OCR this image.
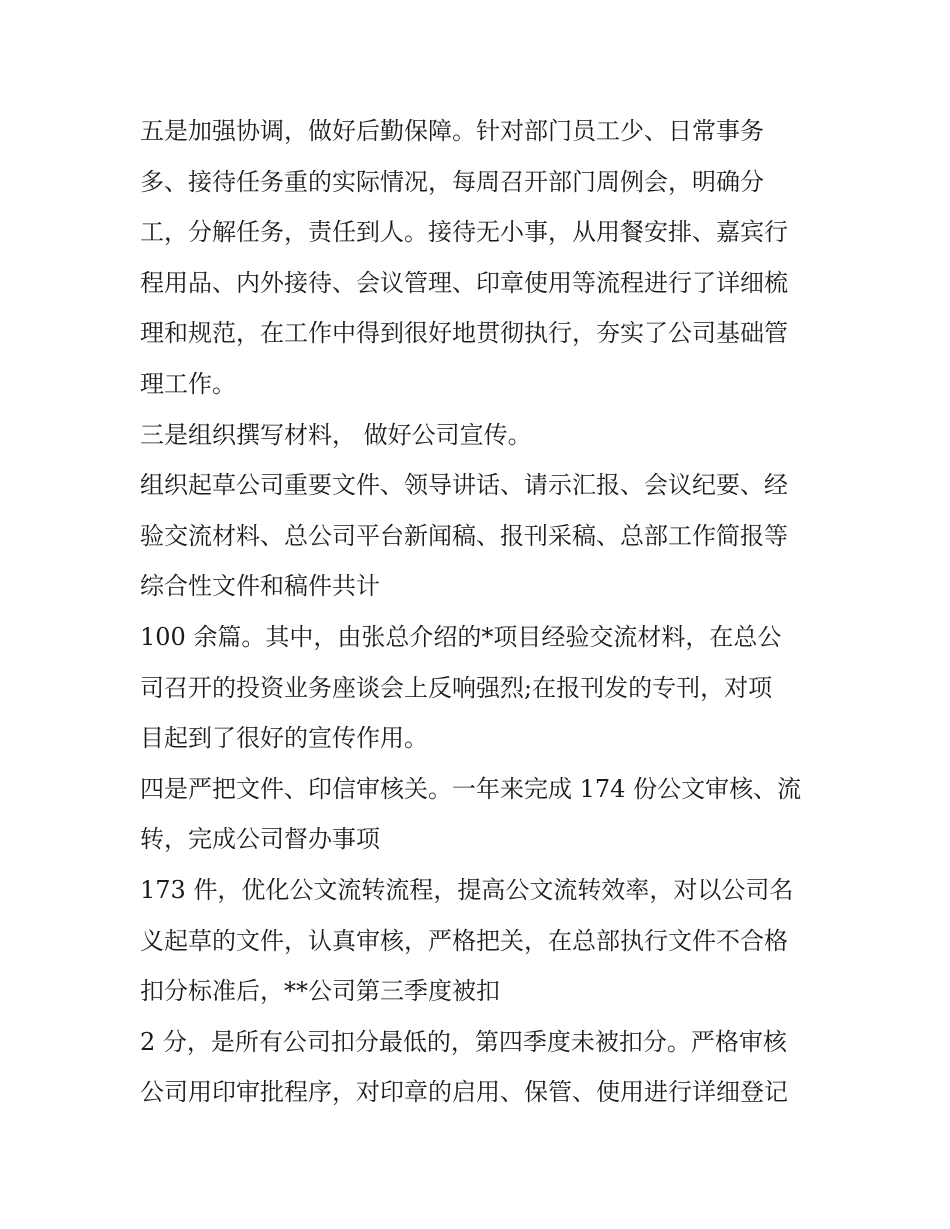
五是加强协调，做好后勤保障。针对部门员工少、日常事务
多、接待任务重的实际情况，每周召开部门周例会，明确分
工，分解任务，责任到人。接待无小事，从用餐安排、嘉宾行
程用品、内外接待、会议管理、印章使用等流程进行了详细梳
理和规范，在工作中得到很好地贯彻执行，夯实了公司基础管
理工作。
三是组织撰写材料， 做好公司宣传。
组织起草公司重要文件、领导讲话、请示汇报、会议纪要、经
验交流材料、总公司平台新闻稿、报刊采稿、总部工作简报等
综合性文件和稿件共计
100 余篇。其中，由张总介绍的*项目经验交流材料，在总公
司召开的投资业务座谈会上反响强烈;在报刊发的专刊，对项
目起到了很好的宣传作用。
四是严把文件、印信审核关。一年来完成 174 份公文审核、流
转，完成公司督办事项
173 件，优化公文流转流程，提高公文流转效率，对以公司名
义起草的文件，认真审核，严格把关，在总部执行文件不合格
扣分标准后，**公司第三季度被扣
2 分，是所有公司扣分最低的，第四季度未被扣分。严格审核
公司用印审批程序，对印章的启用、保管、使用进行详细登记
